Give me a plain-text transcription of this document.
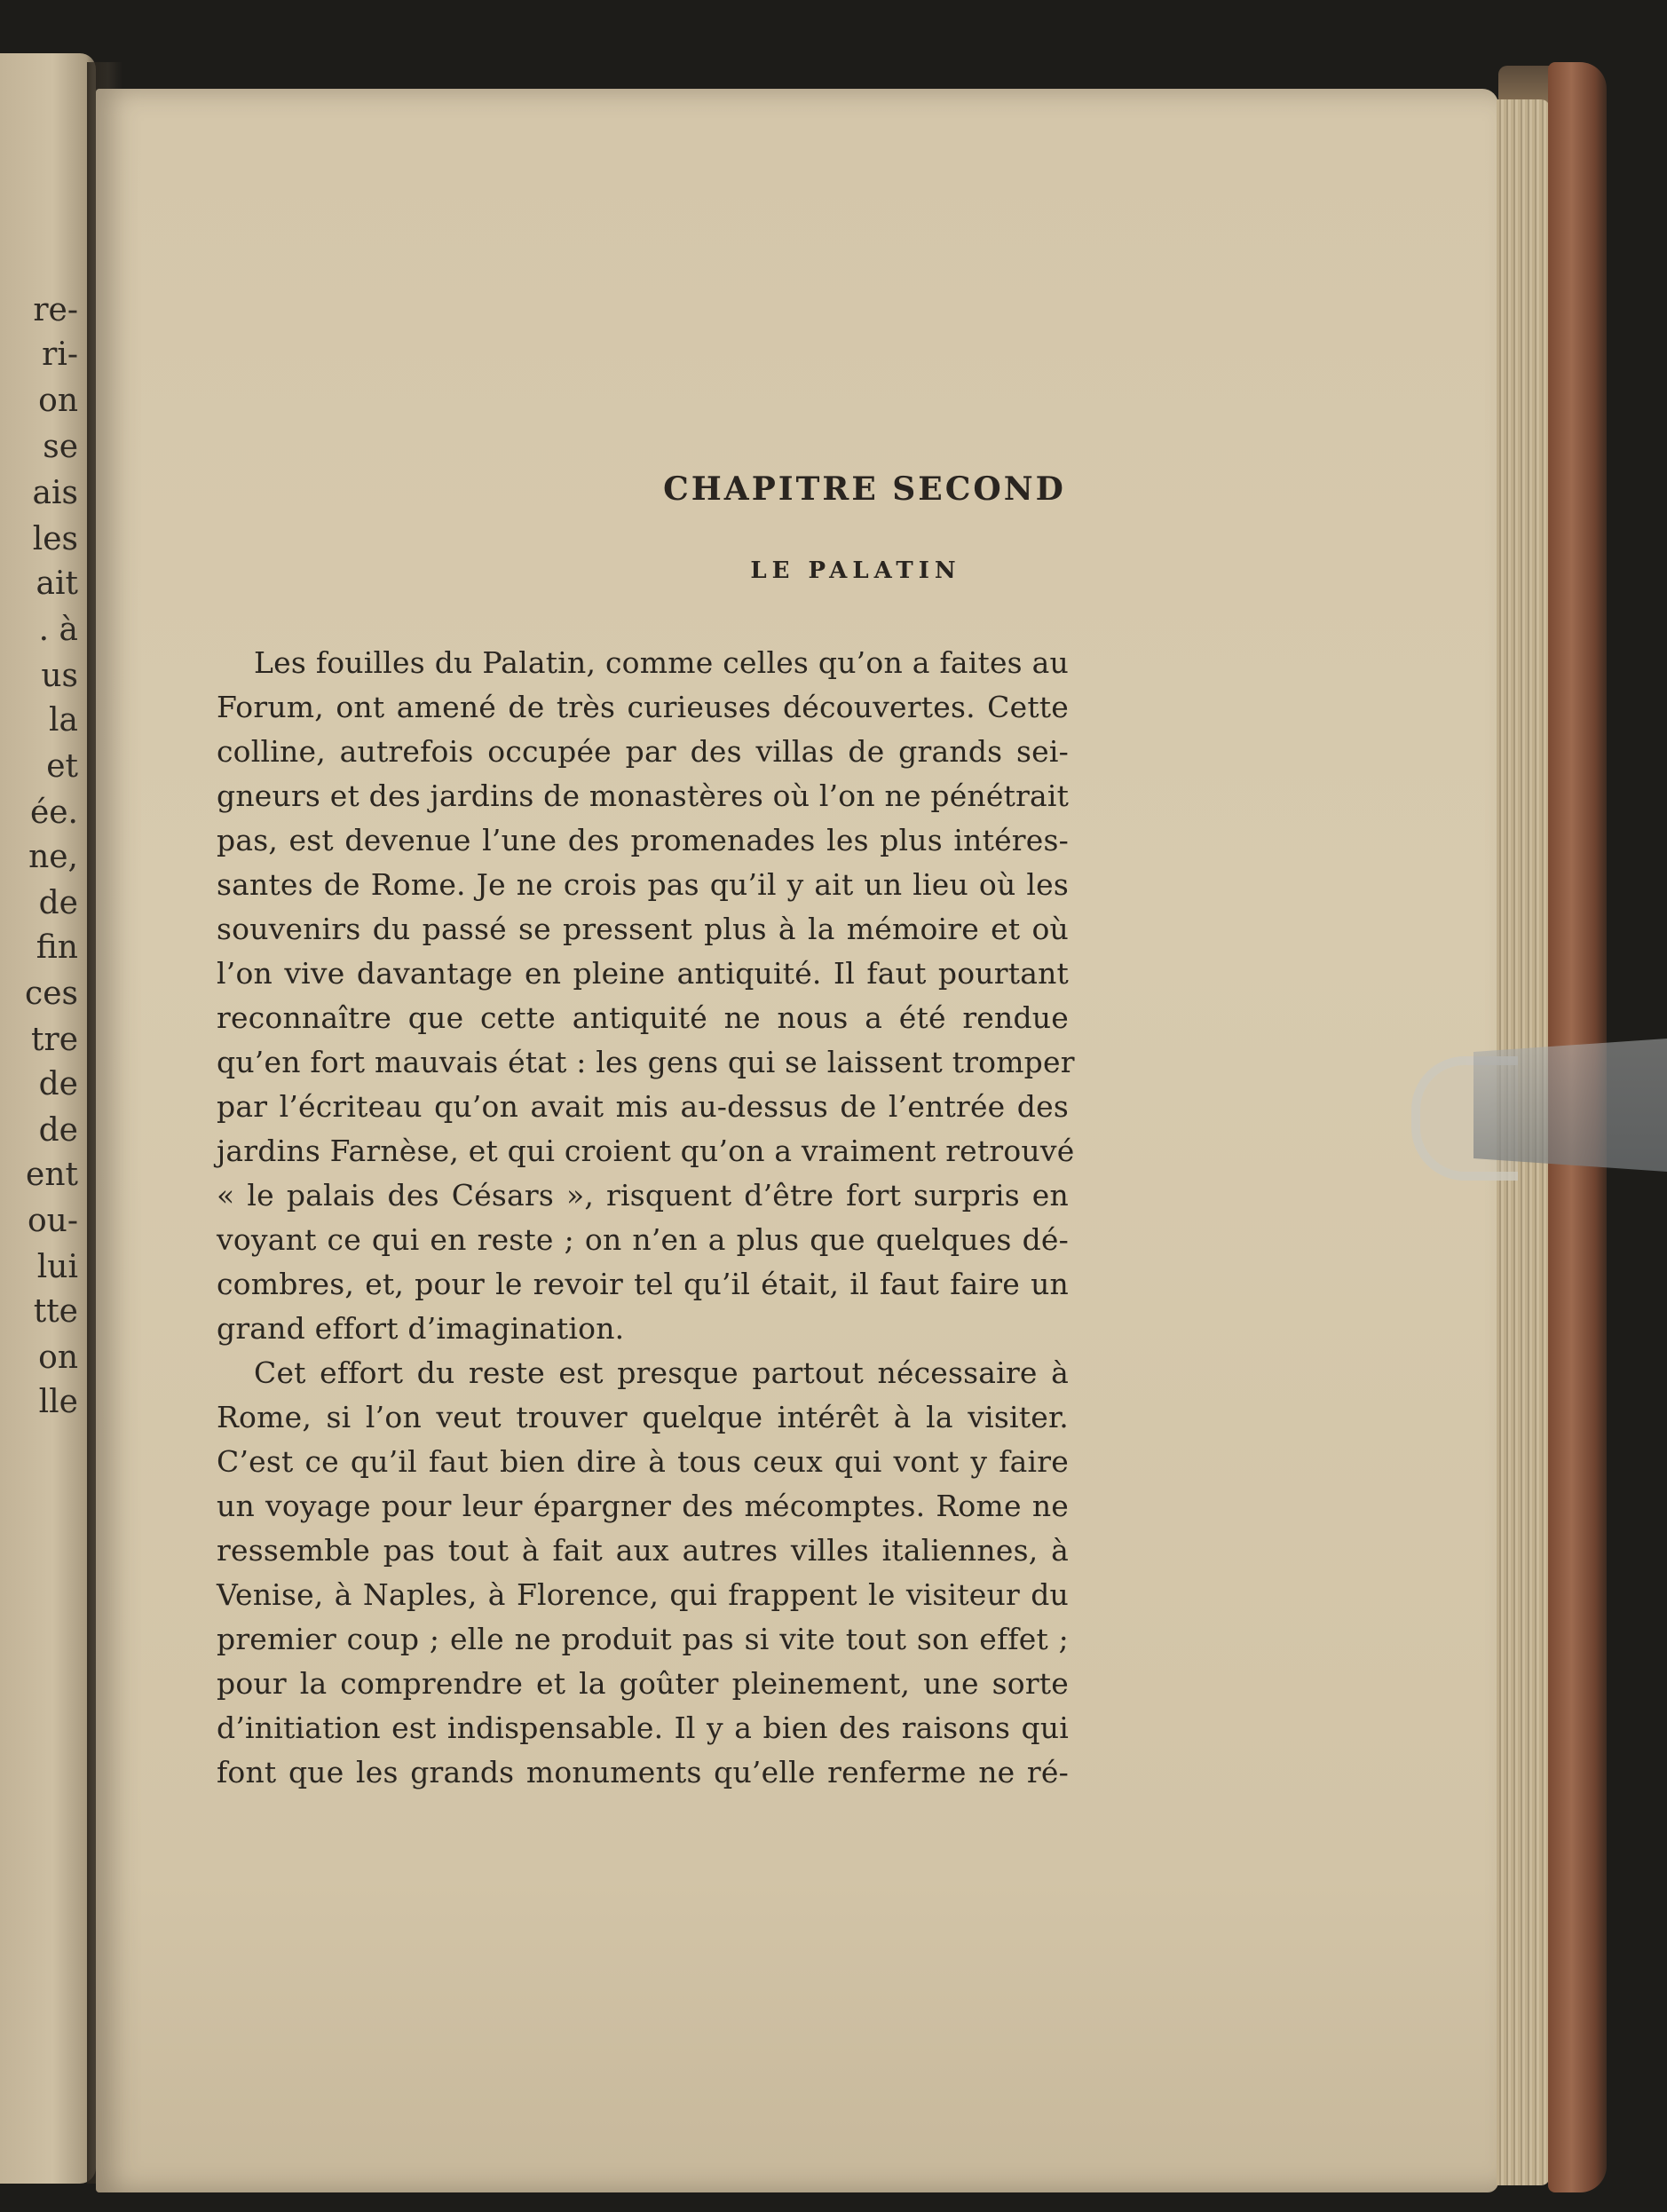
re-
ri-
on
se
ais
les
ait
. à
us
la
et
ée.
ne,
de
fin
ces
tre
de
de
ent
ou-
lui
tte
on
lle
CHAPITRE SECOND
LE PALATIN
Les fouilles du Palatin, comme celles qu’on a faites au
Forum, ont amené de très curieuses découvertes. Cette
colline, autrefois occupée par des villas de grands sei-
gneurs et des jardins de monastères où l’on ne pénétrait
pas, est devenue l’une des promenades les plus intéres-
santes de Rome. Je ne crois pas qu’il y ait un lieu où les
souvenirs du passé se pressent plus à la mémoire et où
l’on vive davantage en pleine antiquité. Il faut pourtant
reconnaître que cette antiquité ne nous a été rendue
qu’en fort mauvais état : les gens qui se laissent tromper
par l’écriteau qu’on avait mis au-dessus de l’entrée des
jardins Farnèse, et qui croient qu’on a vraiment retrouvé
« le palais des Césars », risquent d’être fort surpris en
voyant ce qui en reste ; on n’en a plus que quelques dé-
combres, et, pour le revoir tel qu’il était, il faut faire un
grand effort d’imagination.
Cet effort du reste est presque partout nécessaire à
Rome, si l’on veut trouver quelque intérêt à la visiter.
C’est ce qu’il faut bien dire à tous ceux qui vont y faire
un voyage pour leur épargner des mécomptes. Rome ne
ressemble pas tout à fait aux autres villes italiennes, à
Venise, à Naples, à Florence, qui frappent le visiteur du
premier coup ; elle ne produit pas si vite tout son effet ;
pour la comprendre et la goûter pleinement, une sorte
d’initiation est indispensable. Il y a bien des raisons qui
font que les grands monuments qu’elle renferme ne ré-
